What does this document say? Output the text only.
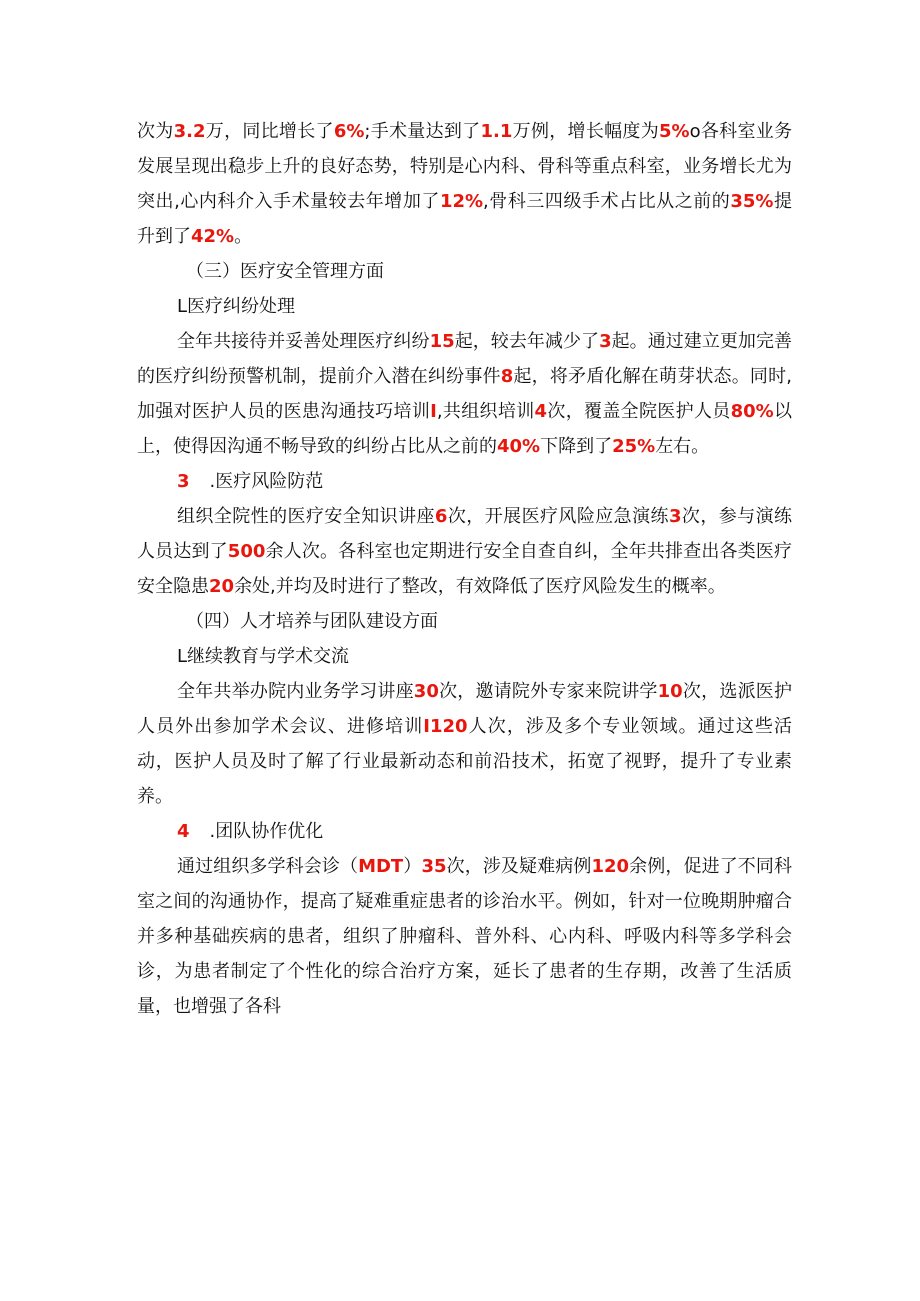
次为3.2万，同比增长了6%;手术量达到了1.1万例，增长幅度为5%o各科室业务发展呈现出稳步上升的良好态势，特别是心内科、骨科等重点科室，业务增长尤为突出,心内科介入手术量较去年增加了12%,骨科三四级手术占比从之前的35%提升到了42%。

（三）医疗安全管理方面

L医疗纠纷处理

全年共接待并妥善处理医疗纠纷15起，较去年减少了3起。通过建立更加完善的医疗纠纷预警机制，提前介入潜在纠纷事件8起，将矛盾化解在萌芽状态。同时,加强对医护人员的医患沟通技巧培训I,共组织培训4次，覆盖全院医护人员80%以上，使得因沟通不畅导致的纠纷占比从之前的40%下降到了25%左右。

3 .医疗风险防范

组织全院性的医疗安全知识讲座6次，开展医疗风险应急演练3次，参与演练人员达到了500余人次。各科室也定期进行安全自查自纠，全年共排查出各类医疗安全隐患20余处,并均及时进行了整改，有效降低了医疗风险发生的概率。

（四）人才培养与团队建设方面

L继续教育与学术交流

全年共举办院内业务学习讲座30次，邀请院外专家来院讲学10次，选派医护人员外出参加学术会议、进修培训I120人次，涉及多个专业领域。通过这些活动，医护人员及时了解了行业最新动态和前沿技术，拓宽了视野，提升了专业素养。

4 .团队协作优化

通过组织多学科会诊（MDT）35次，涉及疑难病例120余例，促进了不同科室之间的沟通协作，提高了疑难重症患者的诊治水平。例如，针对一位晚期肿瘤合并多种基础疾病的患者，组织了肿瘤科、普外科、心内科、呼吸内科等多学科会诊，为患者制定了个性化的综合治疗方案，延长了患者的生存期，改善了生活质量，也增强了各科
